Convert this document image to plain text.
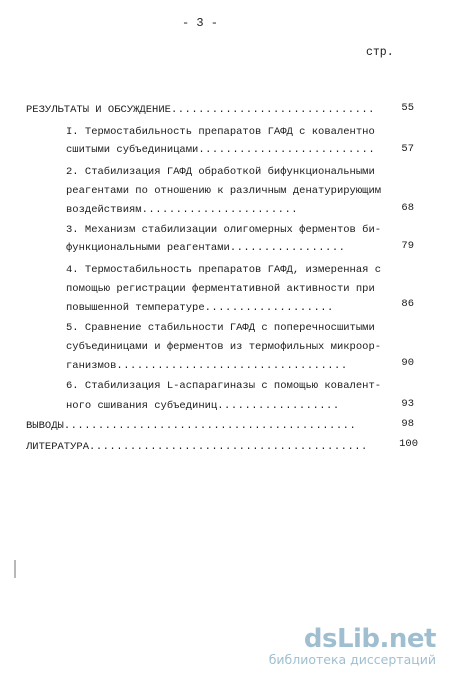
- 3 -
стр.
РЕЗУЛЬТАТЫ И ОБСУЖДЕНИЕ..............................	55
I. Термостабильность препаратов ГАФД с ковалентно
сшитыми субъединицами..........................	57
2. Стабилизация ГАФД обработкой бифункциональными
реагентами по отношению к различным денатурирующим
воздействиям.......................	68
3. Механизм стабилизации олигомерных ферментов би-
функциональными реагентами.................	79
4. Термостабильность препаратов ГАФД, измеренная с
помощью регистрации ферментативной активности при
повышенной температуре...................	86
5. Сравнение стабильности ГАФД с поперечносшитыми
субъединицами и ферментов из термофильных микроор-
ганизмов..................................	90
6. Стабилизация L-аспарагиназы с помощью ковалент-
ного сшивания субъединиц..................	93
ВЫВОДЫ...........................................	98
ЛИТЕРАТУРА.........................................	100
dsLib.net
библиотека диссертаций
